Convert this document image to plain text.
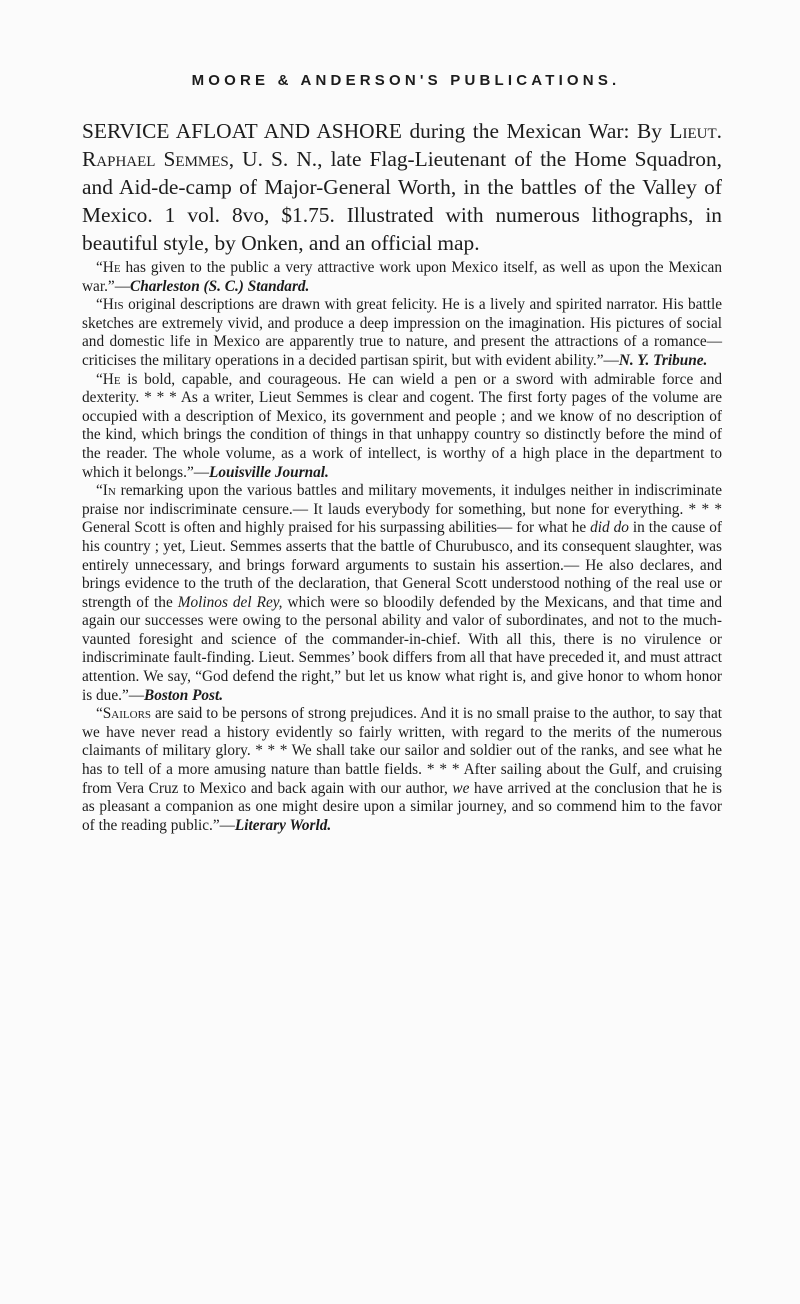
MOORE & ANDERSON'S PUBLICATIONS.

SERVICE AFLOAT AND ASHORE during the Mexican War: By Lieut. Raphael Semmes, U. S. N., late Flag-Lieutenant of the Home Squadron, and Aid-de-camp of Major-General Worth, in the battles of the Valley of Mexico. 1 vol. 8vo, $1.75. Illustrated with numerous lithographs, in beautiful style, by Onken, and an official map.

“He has given to the public a very attractive work upon Mexico itself, as well as upon the Mexican war.”—Charleston (S. C.) Standard.

“His original descriptions are drawn with great felicity. He is a lively and spirited narrator. His battle sketches are extremely vivid, and produce a deep impression on the imagination. His pictures of social and domestic life in Mexico are apparently true to nature, and present the attractions of a romance—criticises the military operations in a decided partisan spirit, but with evident ability.”—N. Y. Tribune.

“He is bold, capable, and courageous. He can wield a pen or a sword with admirable force and dexterity. * * * As a writer, Lieut Semmes is clear and cogent. The first forty pages of the volume are occupied with a description of Mexico, its government and people ; and we know of no description of the kind, which brings the condition of things in that unhappy country so distinctly before the mind of the reader. The whole volume, as a work of intellect, is worthy of a high place in the department to which it belongs.”—Louisville Journal.

“In remarking upon the various battles and military movements, it indulges neither in indiscriminate praise nor indiscriminate censure.— It lauds everybody for something, but none for everything. * * * General Scott is often and highly praised for his surpassing abilities— for what he did do in the cause of his country ; yet, Lieut. Semmes asserts that the battle of Churubusco, and its consequent slaughter, was entirely unnecessary, and brings forward arguments to sustain his assertion.— He also declares, and brings evidence to the truth of the declaration, that General Scott understood nothing of the real use or strength of the Molinos del Rey, which were so bloodily defended by the Mexicans, and that time and again our successes were owing to the personal ability and valor of subordinates, and not to the much-vaunted foresight and science of the commander-in-chief. With all this, there is no virulence or indiscriminate fault-finding. Lieut. Semmes’ book differs from all that have preceded it, and must attract attention. We say, “God defend the right,” but let us know what right is, and give honor to whom honor is due.”—Boston Post.

“Sailors are said to be persons of strong prejudices. And it is no small praise to the author, to say that we have never read a history evidently so fairly written, with regard to the merits of the numerous claimants of military glory. * * * We shall take our sailor and soldier out of the ranks, and see what he has to tell of a more amusing nature than battle fields. * * * After sailing about the Gulf, and cruising from Vera Cruz to Mexico and back again with our author, we have arrived at the conclusion that he is as pleasant a companion as one might desire upon a similar journey, and so commend him to the favor of the reading public.”—Literary World.
